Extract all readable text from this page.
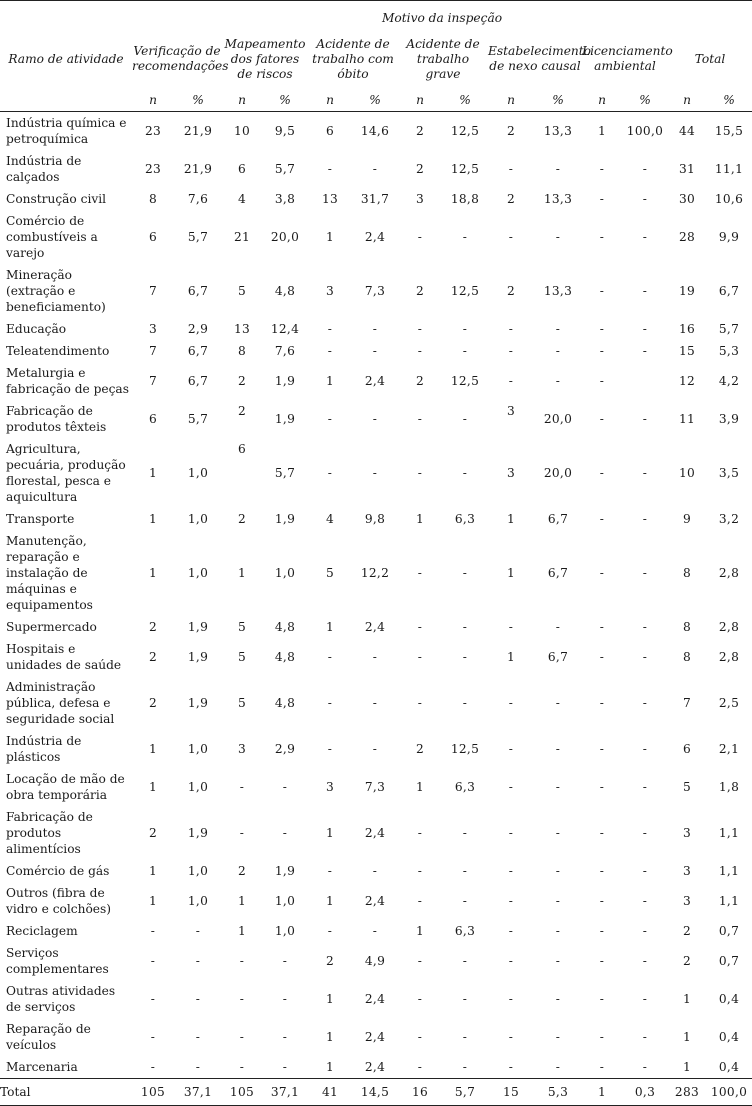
	Motivo da inspeção													
Ramo de atividade	Verificação de recomendações		Mapeamento dos fatores de riscos		Acidente de trabalho com óbito		Acidente de trabalho grave		Estabelecimento de nexo causal		Licenciamento ambiental		Total	
	n	%	n	%	n	%	n	%	n	%	n	%	n	%
Indústria química e petroquímica	23	21,9	10	9,5	6	14,6	2	12,5	2	13,3	1	100,0	44	15,5
Indústria de calçados	23	21,9	6	5,7	-	-	2	12,5	-	-	-	-	31	11,1
Construção civil	8	7,6	4	3,8	13	31,7	3	18,8	2	13,3	-	-	30	10,6
Comércio de combustíveis a varejo	6	5,7	21	20,0	1	2,4	-	-	-	-	-	-	28	9,9
Mineração (extração e beneficiamento)	7	6,7	5	4,8	3	7,3	2	12,5	2	13,3	-	-	19	6,7
Educação	3	2,9	13	12,4	-	-	-	-	-	-	-	-	16	5,7
Teleatendimento	7	6,7	8	7,6	-	-	-	-	-	-	-	-	15	5,3
Metalurgia e fabricação de peças	7	6,7	2	1,9	1	2,4	2	12,5	-	-	-		12	4,2
Fabricação de produtos têxteis	6	5,7	2	1,9	-	-	-	-	3	20,0	-	-	11	3,9
Agricultura, pecuária, produção florestal, pesca e aquicultura	1	1,0	6	5,7	-	-	-	-	3	20,0	-	-	10	3,5
Transporte	1	1,0	2	1,9	4	9,8	1	6,3	1	6,7	-	-	9	3,2
Manutenção, reparação e instalação de máquinas e equipamentos	1	1,0	1	1,0	5	12,2	-	-	1	6,7	-	-	8	2,8
Supermercado	2	1,9	5	4,8	1	2,4	-	-	-	-	-	-	8	2,8
Hospitais e unidades de saúde	2	1,9	5	4,8	-	-	-	-	1	6,7	-	-	8	2,8
Administração pública, defesa e seguridade social	2	1,9	5	4,8	-	-	-	-	-	-	-	-	7	2,5
Indústria de plásticos	1	1,0	3	2,9	-	-	2	12,5	-	-	-	-	6	2,1
Locação de mão de obra temporária	1	1,0	-	-	3	7,3	1	6,3	-	-	-	-	5	1,8
Fabricação de produtos alimentícios	2	1,9	-	-	1	2,4	-	-	-	-	-	-	3	1,1
Comércio de gás	1	1,0	2	1,9	-	-	-	-	-	-	-	-	3	1,1
Outros (fibra de vidro e colchões)	1	1,0	1	1,0	1	2,4	-	-	-	-	-	-	3	1,1
Reciclagem	-	-	1	1,0	-	-	1	6,3	-	-	-	-	2	0,7
Serviços complementares	-	-	-	-	2	4,9	-	-	-	-	-	-	2	0,7
Outras atividades de serviços	-	-	-	-	1	2,4	-	-	-	-	-	-	1	0,4
Reparação de veículos	-	-	-	-	1	2,4	-	-	-	-	-	-	1	0,4
Marcenaria	-	-	-	-	1	2,4	-	-	-	-	-	-	1	0,4
Total	105	37,1	105	37,1	41	14,5	16	5,7	15	5,3	1	0,3	283	100,0
